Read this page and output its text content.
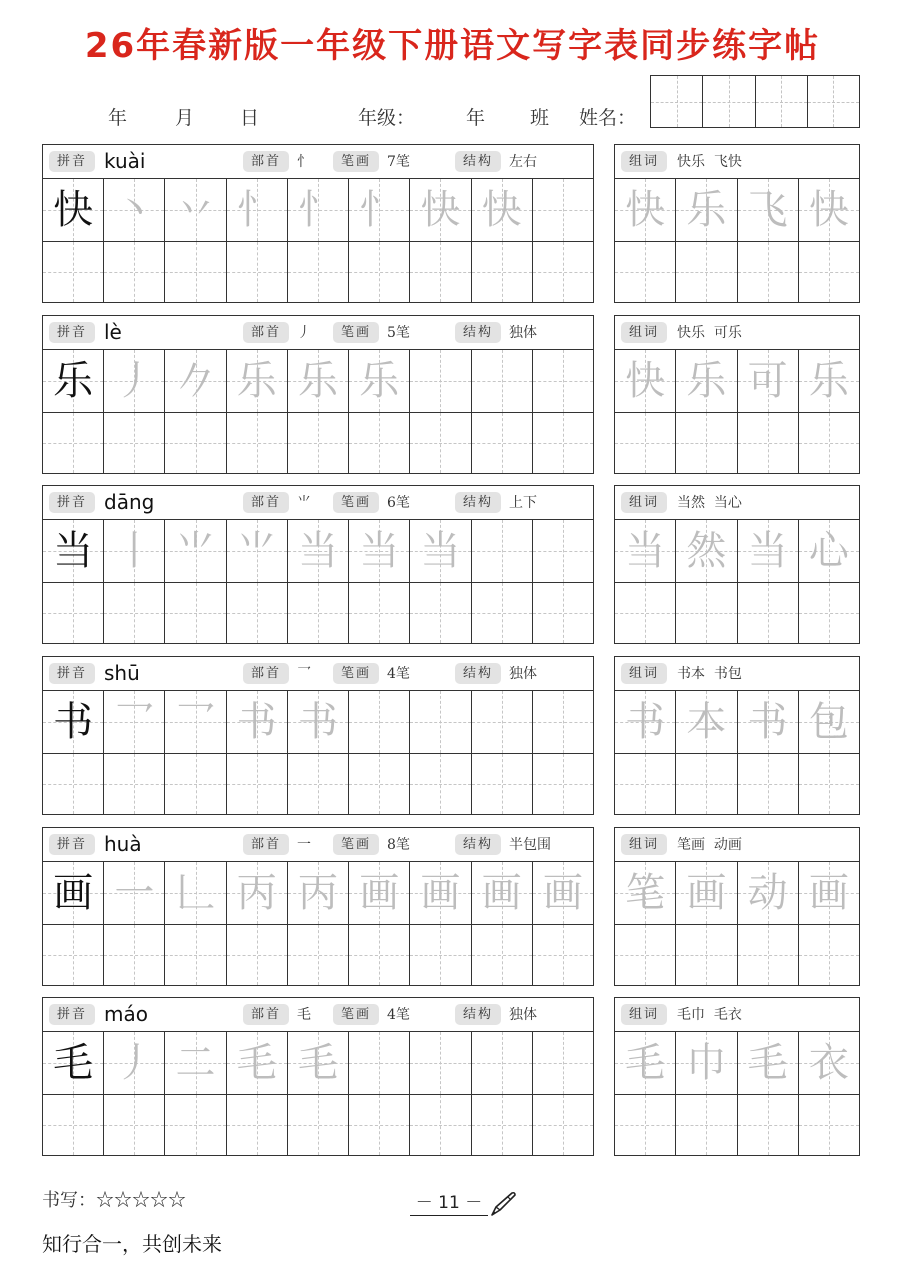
26年春新版一年级下册语文写字表同步练字帖
年	月 日	年级：	年 班 姓名：
拼音	部首	笔画	结构
kuài	忄	7笔	左右
快 丶 丷 忄 忄 忄 快 快
组词	快乐  飞快
快 乐 飞 快
拼音	部首	笔画	结构
lè	丿	5笔	独体
乐 丿 𠂊 乐 乐 乐
组词	快乐  可乐
快 乐 可 乐
拼音	部首	笔画	结构
dāng	⺌	6笔	上下
当 丨 ⺌ ⺌ 当 当 当
组词	当然  当心
当 然 当 心
拼音	部首	笔画	结构
shū	乛	4笔	独体
书 乛 乛 书 书
组词	书本  书包
书 本 书 包
拼音	部首	笔画	结构
huà	一	8笔	半包围
画 一 𠃊 丙 丙 画 画 画 画
组词	笔画  动画
笔 画 动 画
拼音	部首	笔画	结构
máo	毛	4笔	独体
毛 丿 二 毛 毛
组词	毛巾  毛衣
毛 巾 毛 衣
书写：☆☆☆☆☆	－ 11 －
知行合一，共创未来
